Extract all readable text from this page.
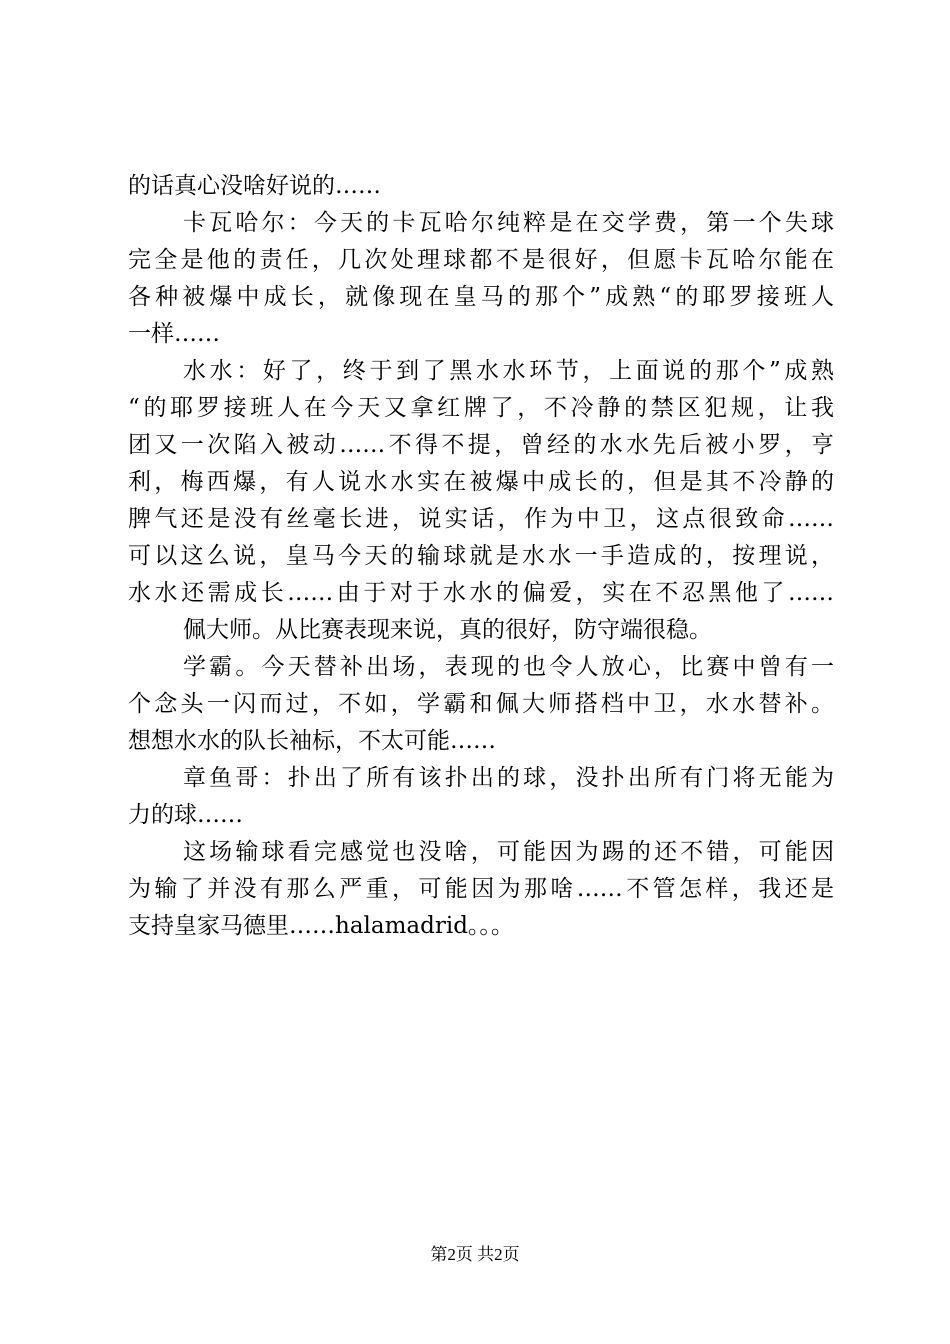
的话真心没啥好说的……
卡瓦哈尔：今天的卡瓦哈尔纯粹是在交学费，第一个失球
完全是他的责任，几次处理球都不是很好，但愿卡瓦哈尔能在
各种被爆中成长，就像现在皇马的那个”成熟“的耶罗接班人
一样……
水水：好了，终于到了黑水水环节，上面说的那个”成熟
“的耶罗接班人在今天又拿红牌了，不冷静的禁区犯规，让我
团又一次陷入被动……不得不提，曾经的水水先后被小罗，亨
利，梅西爆，有人说水水实在被爆中成长的，但是其不冷静的
脾气还是没有丝毫长进，说实话，作为中卫，这点很致命……
可以这么说，皇马今天的输球就是水水一手造成的，按理说，
水水还需成长……由于对于水水的偏爱，实在不忍黑他了……
佩大师。从比赛表现来说，真的很好，防守端很稳。
学霸。今天替补出场，表现的也令人放心，比赛中曾有一
个念头一闪而过，不如，学霸和佩大师搭档中卫，水水替补。
想想水水的队长袖标，不太可能……
章鱼哥：扑出了所有该扑出的球，没扑出所有门将无能为
力的球……
这场输球看完感觉也没啥，可能因为踢的还不错，可能因
为输了并没有那么严重，可能因为那啥……不管怎样，我还是
支持皇家马德里……halamadrid。。。
第2页 共2页
